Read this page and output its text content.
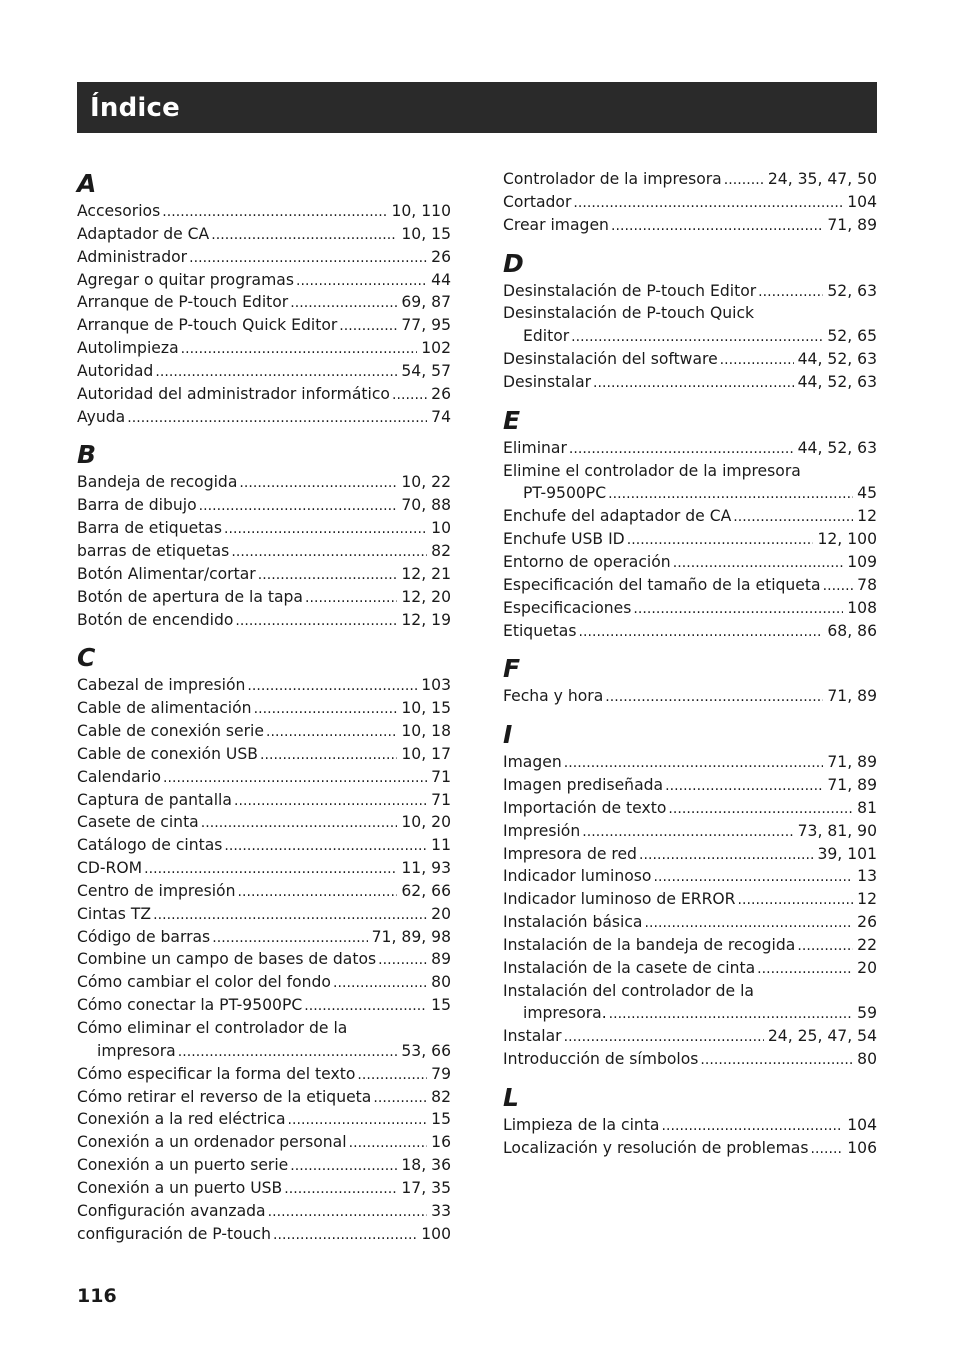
Índice
A
Accesorios . . .	10, 110
Adaptador de CA . . .	10, 15
Administrador . . .	26
Agregar o quitar programas . . .	44
Arranque de P-touch Editor . . .	69, 87
Arranque de P-touch Quick Editor . . .	77, 95
Autolimpieza . . .	102
Autoridad . . .	54, 57
Autoridad del administrador informático . . .	26
Ayuda . . .	74
B
Bandeja de recogida . . .	10, 22
Barra de dibujo . . .	70, 88
Barra de etiquetas . . .	10
barras de etiquetas . . .	82
Botón Alimentar/cortar . . .	12, 21
Botón de apertura de la tapa . . .	12, 20
Botón de encendido . . .	12, 19
C
Cabezal de impresión . . .	103
Cable de alimentación . . .	10, 15
Cable de conexión serie . . .	10, 18
Cable de conexión USB . . .	10, 17
Calendario . . .	71
Captura de pantalla . . .	71
Casete de cinta . . .	10, 20
Catálogo de cintas . . .	11
CD-ROM . . .	11, 93
Centro de impresión . . .	62, 66
Cintas TZ . . .	20
Código de barras . . .	71, 89, 98
Combine un campo de bases de datos . . .	89
Cómo cambiar el color del fondo . . .	80
Cómo conectar la PT-9500PC . . .	15
Cómo eliminar el controlador de la
impresora . . .	53, 66
Cómo especificar la forma del texto . . .	79
Cómo retirar el reverso de la etiqueta . . .	82
Conexión a la red eléctrica . . .	15
Conexión a un ordenador personal . . .	16
Conexión a un puerto serie . . .	18, 36
Conexión a un puerto USB . . .	17, 35
Configuración avanzada . . .	33
configuración de P-touch . . .	100
Controlador de la impresora . . .	24, 35, 47, 50
Cortador . . .	104
Crear imagen . . .	71, 89
D
Desinstalación de P-touch Editor . . .	52, 63
Desinstalación de P-touch Quick
Editor . . .	52, 65
Desinstalación del software . . .	44, 52, 63
Desinstalar . . .	44, 52, 63
E
Eliminar . . .	44, 52, 63
Elimine el controlador de la impresora
PT-9500PC . . .	45
Enchufe del adaptador de CA . . .	12
Enchufe USB ID . . .	12, 100
Entorno de operación . . .	109
Especificación del tamaño de la etiqueta . . . 78
Especificaciones . . .	108
Etiquetas . . .	68, 86
F
Fecha y hora . . .	71, 89
I
Imagen . . .	71, 89
Imagen prediseñada . . .	71, 89
Importación de texto . . .	81
Impresión . . .	73, 81, 90
Impresora de red . . .	39, 101
Indicador luminoso . . .	13
Indicador luminoso de ERROR . . .	12
Instalación básica . . .	26
Instalación de la bandeja de recogida . . .	22
Instalación de la casete de cinta . . .	20
Instalación del controlador de la
impresora. . . .	59
Instalar . . .	24, 25, 47, 54
Introducción de símbolos . . .	80
L
Limpieza de la cinta . . .	104
Localización y resolución de problemas . . . 106
116
